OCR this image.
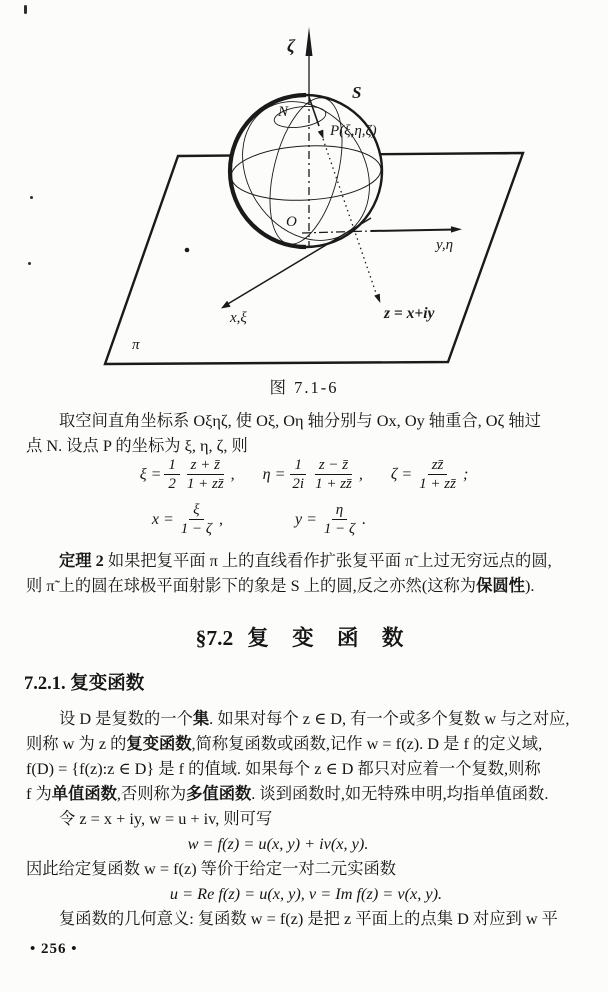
ζ
S
N
O
P(ξ,η,ζ)
z = x+iy
y,η
x,ξ
π
图 7.1-6
取空间直角坐标系 Oξηζ, 使 Oξ, Oη 轴分别与 Ox, Oy 轴重合, Oζ 轴过
点 N. 设点 P 的坐标为 ξ, η, ζ, 则
$\xi = \frac{1}{2} \frac{z + z̄}{1 + zz̄}$ , $\eta = \frac{1}{2i} \frac{z - z̄}{1 + zz̄}$ , $\zeta = \frac{zz̄}{1 + zz̄}$ ;
$x = \frac{\xi}{1 - \zeta}$ ,	$y = \frac{\eta}{1 - \zeta}$ .
定理 2 如果把复平面 π 上的直线看作扩张复平面 π̃ 上过无穷远点的圆,
则 π̃ 上的圆在球极平面射影下的象是 S 上的圆,反之亦然(这称为保圆性).
§7.2 复 变 函 数
7.2.1. 复变函数
设 D 是复数的一个集. 如果对每个 z ∈ D, 有一个或多个复数 w 与之对应,
则称 w 为 z 的复变函数,简称复函数或函数,记作 w = f(z). D 是 f 的定义域,
f(D) = {f(z):z ∈ D} 是 f 的值域. 如果每个 z ∈ D 都只对应着一个复数,则称
f 为单值函数,否则称为多值函数. 谈到函数时,如无特殊申明,均指单值函数.
令 z = x + iy, w = u + iv, 则可写
w = f(z) = u(x, y) + iv(x, y).
因此给定复函数 w = f(z) 等价于给定一对二元实函数
u = Re f(z) = u(x, y), v = Im f(z) = v(x, y).
复函数的几何意义: 复函数 w = f(z) 是把 z 平面上的点集 D 对应到 w 平
• 256 •
